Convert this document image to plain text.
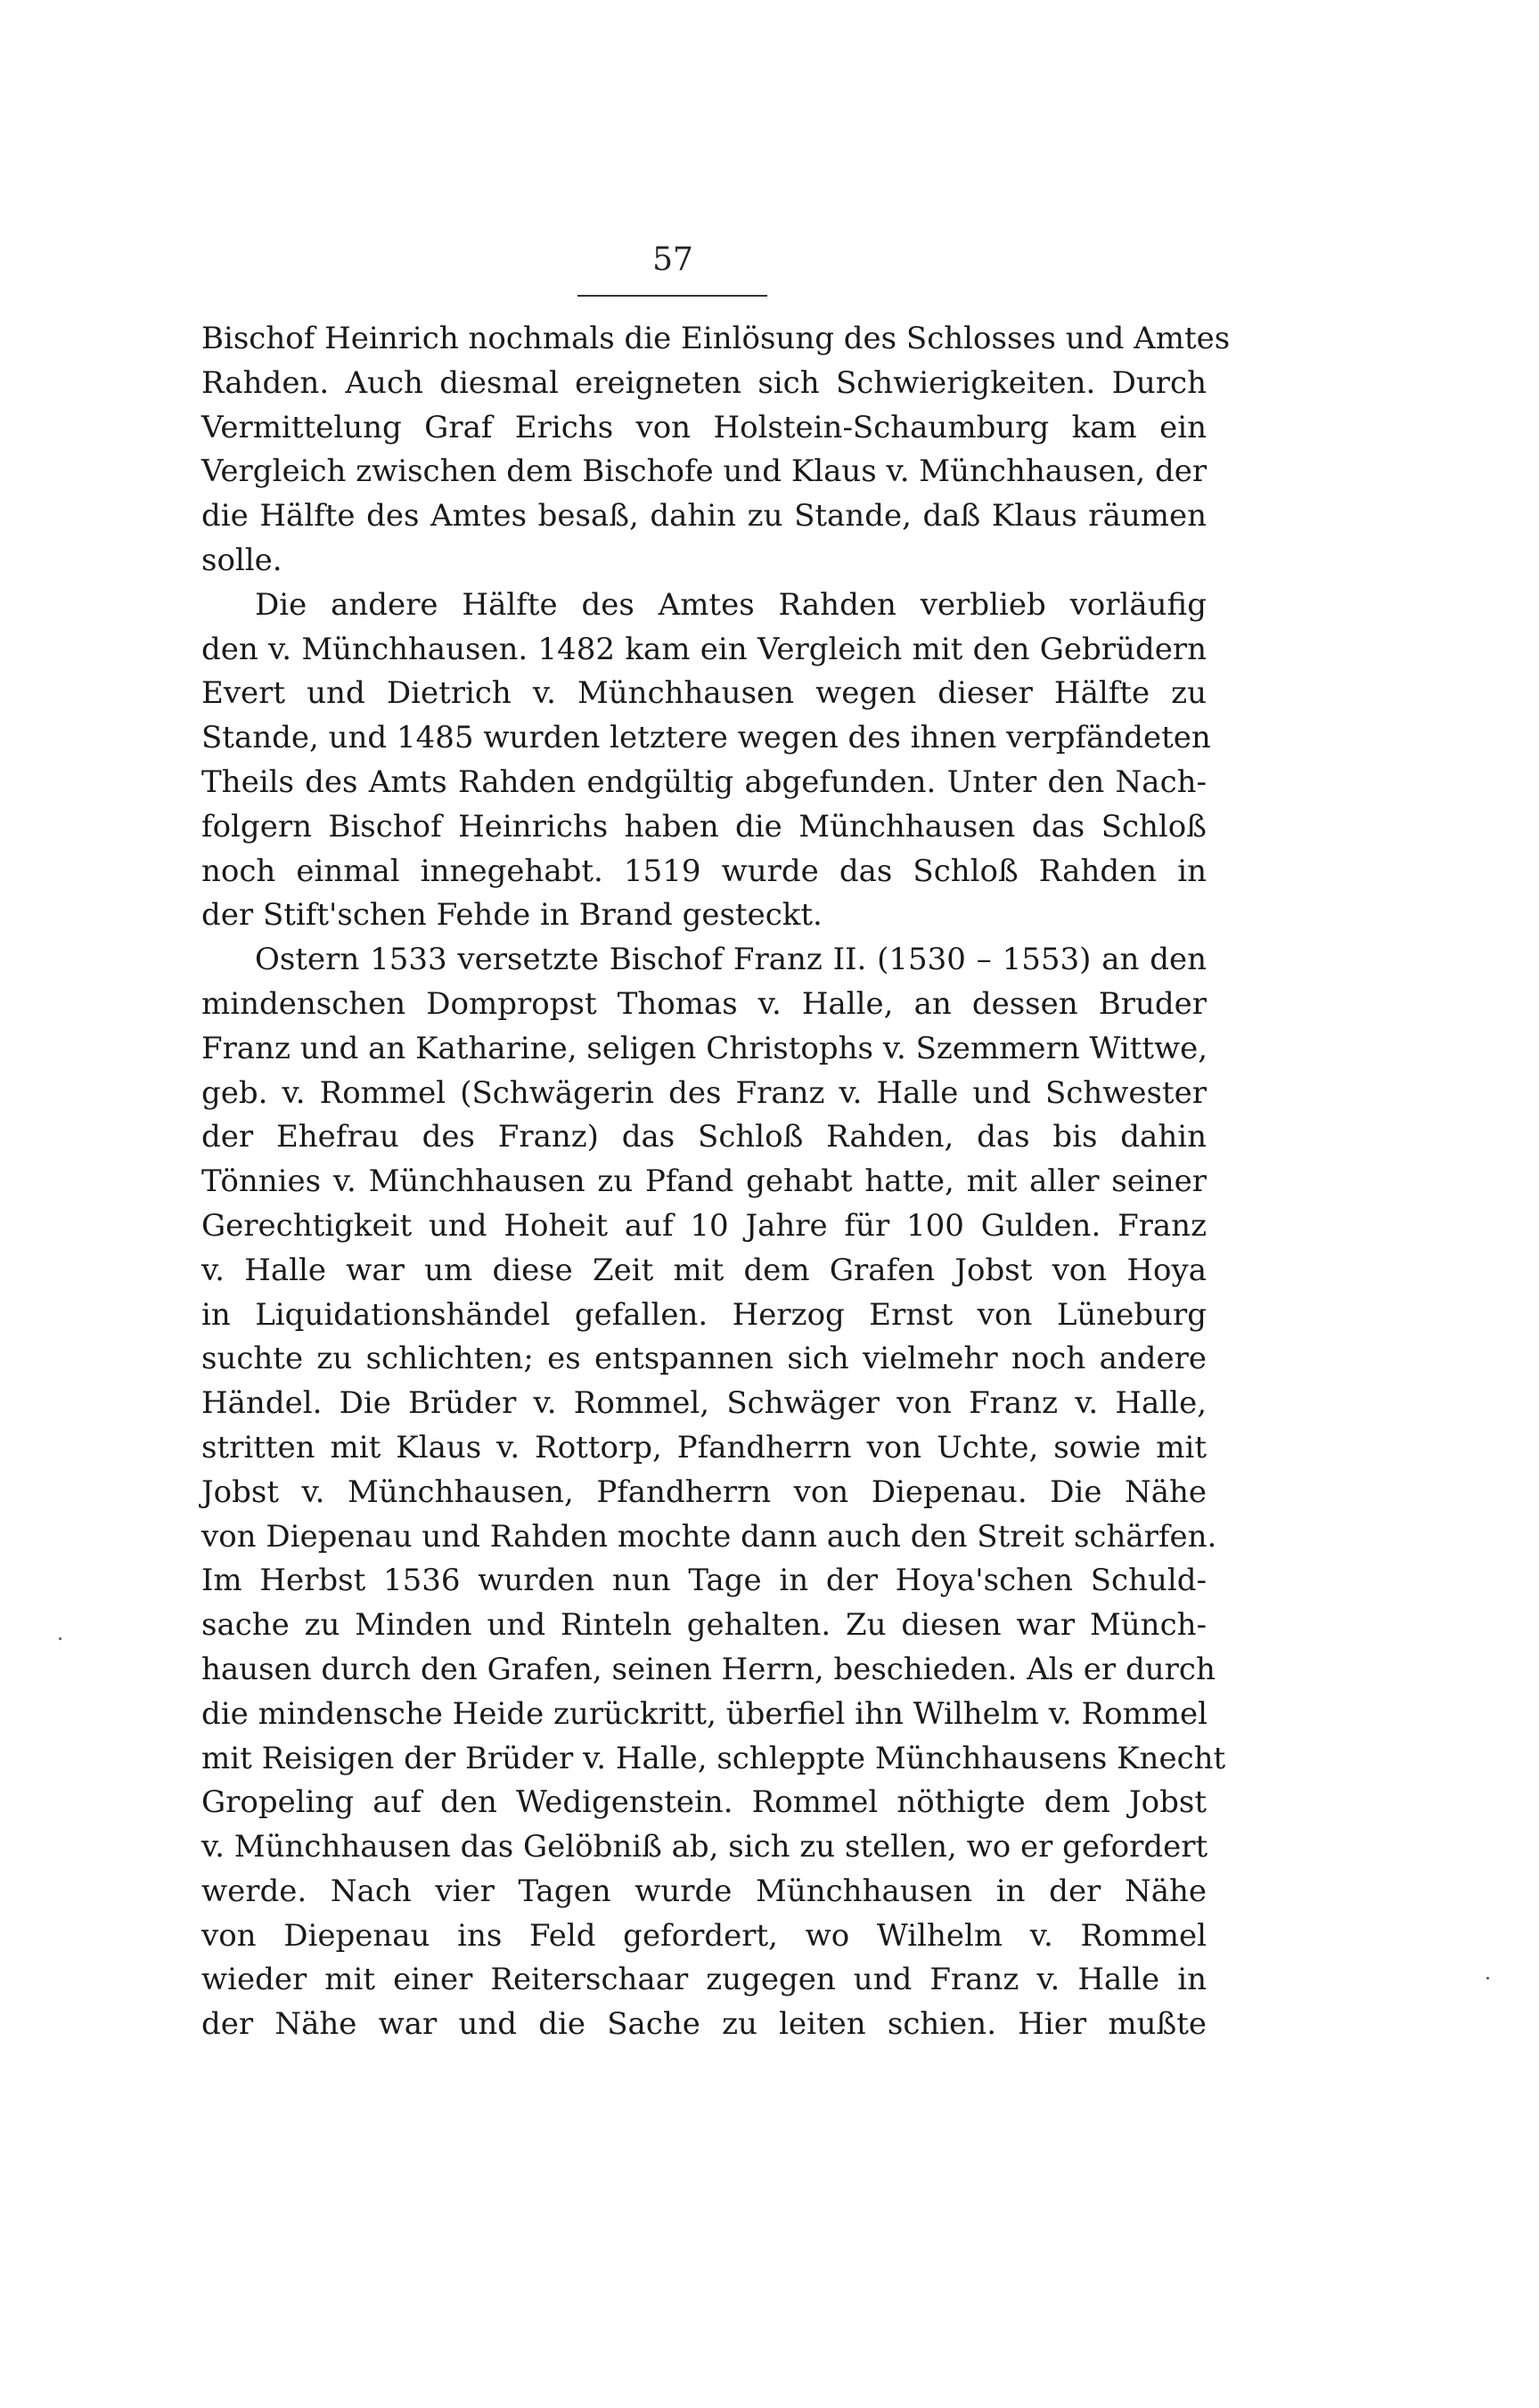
57
Bischof Heinrich nochmals die Einlösung des Schlosses und Amtes
Rahden. Auch diesmal ereigneten sich Schwierigkeiten. Durch
Vermittelung Graf Erichs von Holstein-Schaumburg kam ein
Vergleich zwischen dem Bischofe und Klaus v. Münchhausen, der
die Hälfte des Amtes besaß, dahin zu Stande, daß Klaus räumen
solle.
Die andere Hälfte des Amtes Rahden verblieb vorläufig
den v. Münchhausen. 1482 kam ein Vergleich mit den Gebrüdern
Evert und Dietrich v. Münchhausen wegen dieser Hälfte zu
Stande, und 1485 wurden letztere wegen des ihnen verpfändeten
Theils des Amts Rahden endgültig abgefunden. Unter den Nach-
folgern Bischof Heinrichs haben die Münchhausen das Schloß
noch einmal innegehabt. 1519 wurde das Schloß Rahden in
der Stift'schen Fehde in Brand gesteckt.
Ostern 1533 versetzte Bischof Franz II. (1530 – 1553) an den
mindenschen Dompropst Thomas v. Halle, an dessen Bruder
Franz und an Katharine, seligen Christophs v. Szemmern Wittwe,
geb. v. Rommel (Schwägerin des Franz v. Halle und Schwester
der Ehefrau des Franz) das Schloß Rahden, das bis dahin
Tönnies v. Münchhausen zu Pfand gehabt hatte, mit aller seiner
Gerechtigkeit und Hoheit auf 10 Jahre für 100 Gulden. Franz
v. Halle war um diese Zeit mit dem Grafen Jobst von Hoya
in Liquidationshändel gefallen. Herzog Ernst von Lüneburg
suchte zu schlichten; es entspannen sich vielmehr noch andere
Händel. Die Brüder v. Rommel, Schwäger von Franz v. Halle,
stritten mit Klaus v. Rottorp, Pfandherrn von Uchte, sowie mit
Jobst v. Münchhausen, Pfandherrn von Diepenau. Die Nähe
von Diepenau und Rahden mochte dann auch den Streit schärfen.
Im Herbst 1536 wurden nun Tage in der Hoya'schen Schuld-
sache zu Minden und Rinteln gehalten. Zu diesen war Münch-
hausen durch den Grafen, seinen Herrn, beschieden. Als er durch
die mindensche Heide zurückritt, überfiel ihn Wilhelm v. Rommel
mit Reisigen der Brüder v. Halle, schleppte Münchhausens Knecht
Gropeling auf den Wedigenstein. Rommel nöthigte dem Jobst
v. Münchhausen das Gelöbniß ab, sich zu stellen, wo er gefordert
werde. Nach vier Tagen wurde Münchhausen in der Nähe
von Diepenau ins Feld gefordert, wo Wilhelm v. Rommel
wieder mit einer Reiterschaar zugegen und Franz v. Halle in
der Nähe war und die Sache zu leiten schien. Hier mußte
